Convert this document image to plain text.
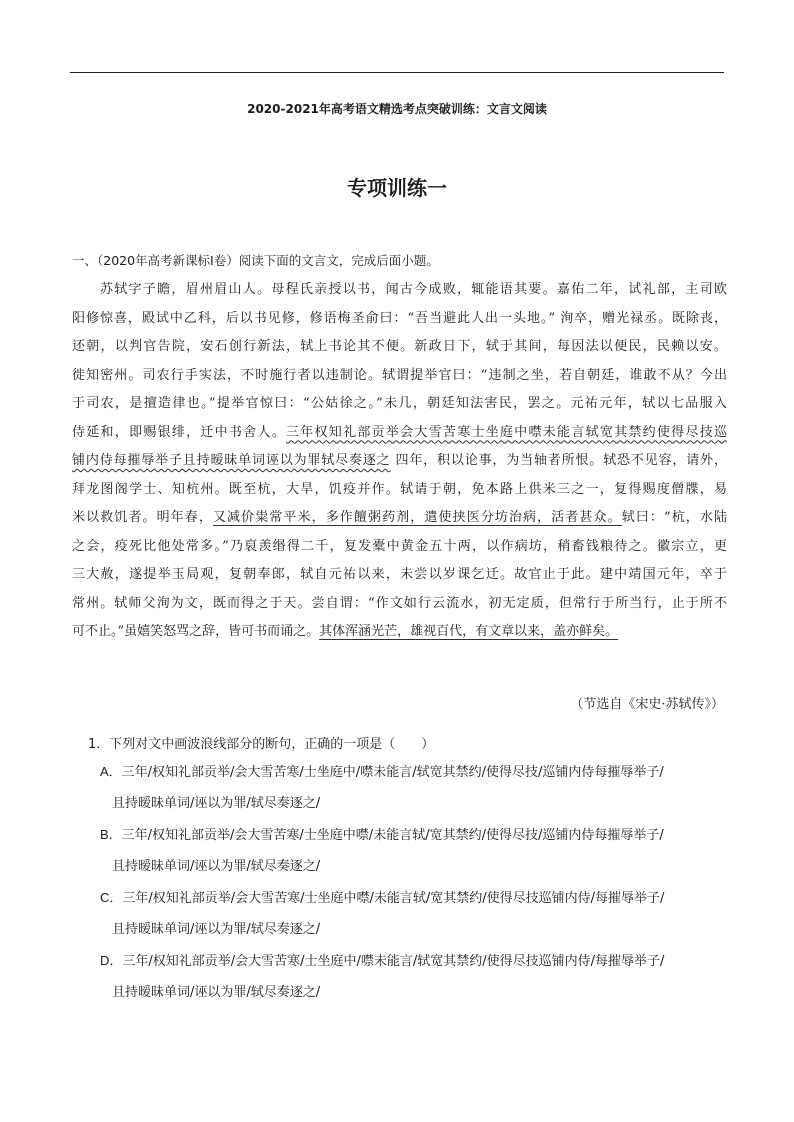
2020-2021年高考语文精选考点突破训练：文言文阅读
专项训练一
一、（2020年高考新课标Ⅰ卷）阅读下面的文言文，完成后面小题。
苏轼字子瞻，眉州眉山人。母程氏亲授以书，闻古今成败，辄能语其要。嘉佑二年，试礼部，主司欧
阳修惊喜，殿试中乙科，后以书见修，修语梅圣俞曰：“吾当避此人出一头地。” 洵卒，赠光禄丞。既除丧，
还朝，以判官告院，安石创行新法，轼上书论其不便。新政日下，轼于其间，每因法以便民，民赖以安。
徙知密州。司农行手实法，不时施行者以违制论。轼谓提举官曰：“违制之坐，若自朝廷，谁敢不从？今出
于司农，是擅造律也。”提举官惊曰：“公姑徐之。”未几，朝廷知法害民，罢之。元祐元年，轼以七品服入
侍延和，即赐银绯，迁中书舍人。三年权知礼部贡举会大雪苦寒士坐庭中噤未能言轼宽其禁约使得尽技巡
铺内侍每摧辱举子且持暧昧单词诬以为罪轼尽奏逐之 四年，积以论事，为当轴者所恨。轼恐不见容，请外，
拜龙图阁学士、知杭州。既至杭，大旱，饥疫并作。轼请于朝，免本路上供米三之一，复得赐度僧牒，易
米以救饥者。明年春，又减价粜常平米，多作饘粥药剂，遣使挟医分坊治病，活者甚众。轼曰：“杭，水陆
之会，疫死比他处常多。”乃裒羡缗得二千，复发橐中黄金五十两，以作病坊，稍畜钱粮待之。徽宗立，更
三大赦，遂提举玉局观，复朝奉郎，轼自元祐以来，未尝以岁课乞迁。故官止于此。建中靖国元年，卒于
常州。轼师父洵为文，既而得之于天。尝自谓：“作文如行云流水，初无定质，但常行于所当行，止于所不
可不止。”虽嬉笑怒骂之辞，皆可书而诵之。其体浑涵光芒，雄视百代，有文章以来，盖亦鲜矣。
（节选自《宋史·苏轼传》）
1．下列对文中画波浪线部分的断句，正确的一项是（　　）
A．三年/权知礼部贡举/会大雪苦寒/士坐庭中/噤未能言/轼宽其禁约/使得尽技/巡铺内侍每摧辱举子/
且持暧昧单词/诬以为罪/轼尽奏逐之/
B．三年/权知礼部贡举/会大雪苦寒/士坐庭中噤/未能言轼/宽其禁约/使得尽技/巡铺内侍每摧辱举子/
且持暧昧单词/诬以为罪/轼尽奏逐之/
C．三年/权知礼部贡举/会大雪苦寒/士坐庭中噤/未能言轼/宽其禁约/使得尽技巡铺内侍/每摧辱举子/
且持暧昧单词/诬以为罪/轼尽奏逐之/
D．三年/权知礼部贡举/会大雪苦寒/士坐庭中/噤未能言/轼宽其禁约/使得尽技巡铺内侍/每摧辱举子/
且持暧昧单词/诬以为罪/轼尽奏逐之/
